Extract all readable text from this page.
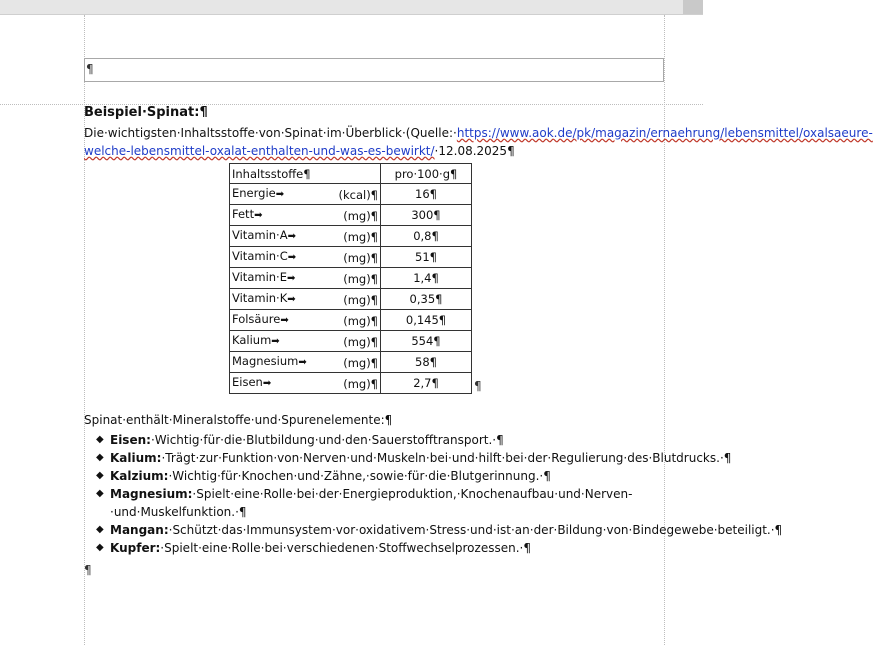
¶

Beispiel·Spinat:¶

Die·wichtigsten·Inhaltsstoffe·von·Spinat·im·Überblick·(Quelle:·https://www.aok.de/pk/magazin/ernaehrung/lebensmittel/oxalsaeure-welche-lebensmittel-oxalat-enthalten-und-was-es-bewirkt/·12.08.2025¶

Inhaltsstoffe¶	pro·100·g¶	
Energie➡ (kcal)¶	16¶	
Fett➡ (mg)¶	300¶	
Vitamin·A➡ (mg)¶	0,8¶	
Vitamin·C➡ (mg)¶	51¶	
Vitamin·E➡ (mg)¶	1,4¶	
Vitamin·K➡ (mg)¶	0,35¶	
Folsäure➡ (mg)¶	0,145¶	
Kalium➡ (mg)¶	554¶	
Magnesium➡ (mg)¶	58¶	
Eisen➡ (mg)¶	2,7¶	¶

Spinat·enthält·Mineralstoffe·und·Spurenelemente:¶

◆ Eisen:·Wichtig·für·die·Blutbildung·und·den·Sauerstofftransport.·¶
◆ Kalium:·Trägt·zur·Funktion·von·Nerven·und·Muskeln·bei·und·hilft·bei·der·Regulierung·des·Blutdrucks.·¶
◆ Kalzium:·Wichtig·für·Knochen·und·Zähne,·sowie·für·die·Blutgerinnung.·¶
◆ Magnesium:·Spielt·eine·Rolle·bei·der·Energieproduktion,·Knochenaufbau·und·Nerven-·und·Muskelfunktion.·¶
◆ Mangan:·Schützt·das·Immunsystem·vor·oxidativem·Stress·und·ist·an·der·Bildung·von·Bindegewebe·beteiligt.·¶
◆ Kupfer:·Spielt·eine·Rolle·bei·verschiedenen·Stoffwechselprozessen.·¶
¶
